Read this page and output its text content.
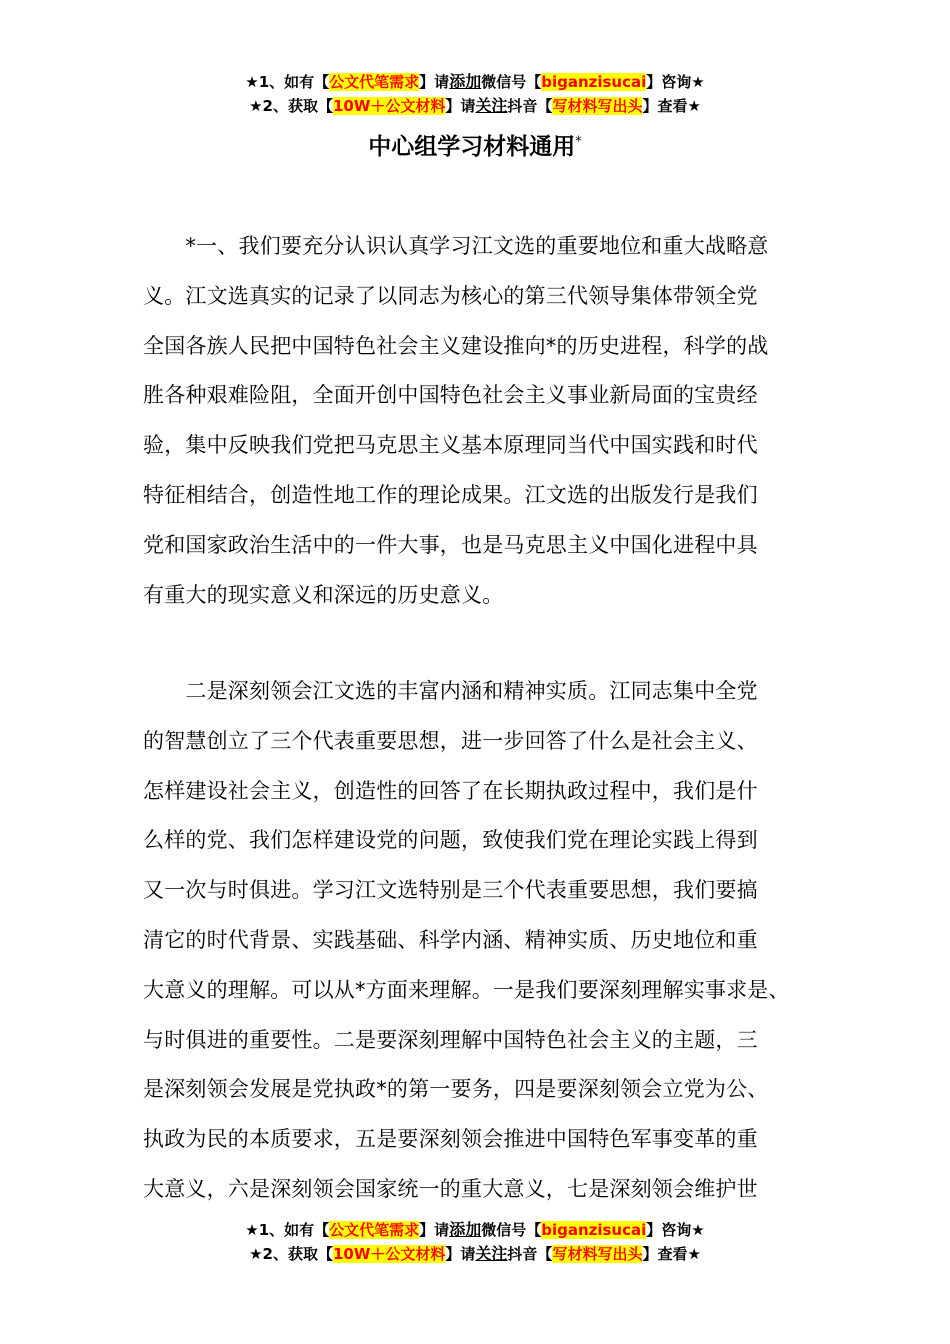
★1、如有【公文代笔需求】请添加微信号【biganzisucai】咨询★
★2、获取【10W＋公文材料】请关注抖音【写材料写出头】查看★
中心组学习材料通用*
　　*一、我们要充分认识认真学习江文选的重要地位和重大战略意
义。江文选真实的记录了以同志为核心的第三代领导集体带领全党
全国各族人民把中国特色社会主义建设推向*的历史进程，科学的战
胜各种艰难险阻，全面开创中国特色社会主义事业新局面的宝贵经
验，集中反映我们党把马克思主义基本原理同当代中国实践和时代
特征相结合，创造性地工作的理论成果。江文选的出版发行是我们
党和国家政治生活中的一件大事，也是马克思主义中国化进程中具
有重大的现实意义和深远的历史意义。
　　二是深刻领会江文选的丰富内涵和精神实质。江同志集中全党
的智慧创立了三个代表重要思想，进一步回答了什么是社会主义、
怎样建设社会主义，创造性的回答了在长期执政过程中，我们是什
么样的党、我们怎样建设党的问题，致使我们党在理论实践上得到
又一次与时俱进。学习江文选特别是三个代表重要思想，我们要搞
清它的时代背景、实践基础、科学内涵、精神实质、历史地位和重
大意义的理解。可以从*方面来理解。一是我们要深刻理解实事求是、
与时俱进的重要性。二是要深刻理解中国特色社会主义的主题，三
是深刻领会发展是党执政*的第一要务，四是要深刻领会立党为公、
执政为民的本质要求，五是要深刻领会推进中国特色军事变革的重
大意义，六是深刻领会国家统一的重大意义，七是深刻领会维护世
★1、如有【公文代笔需求】请添加微信号【biganzisucai】咨询★
★2、获取【10W＋公文材料】请关注抖音【写材料写出头】查看★
